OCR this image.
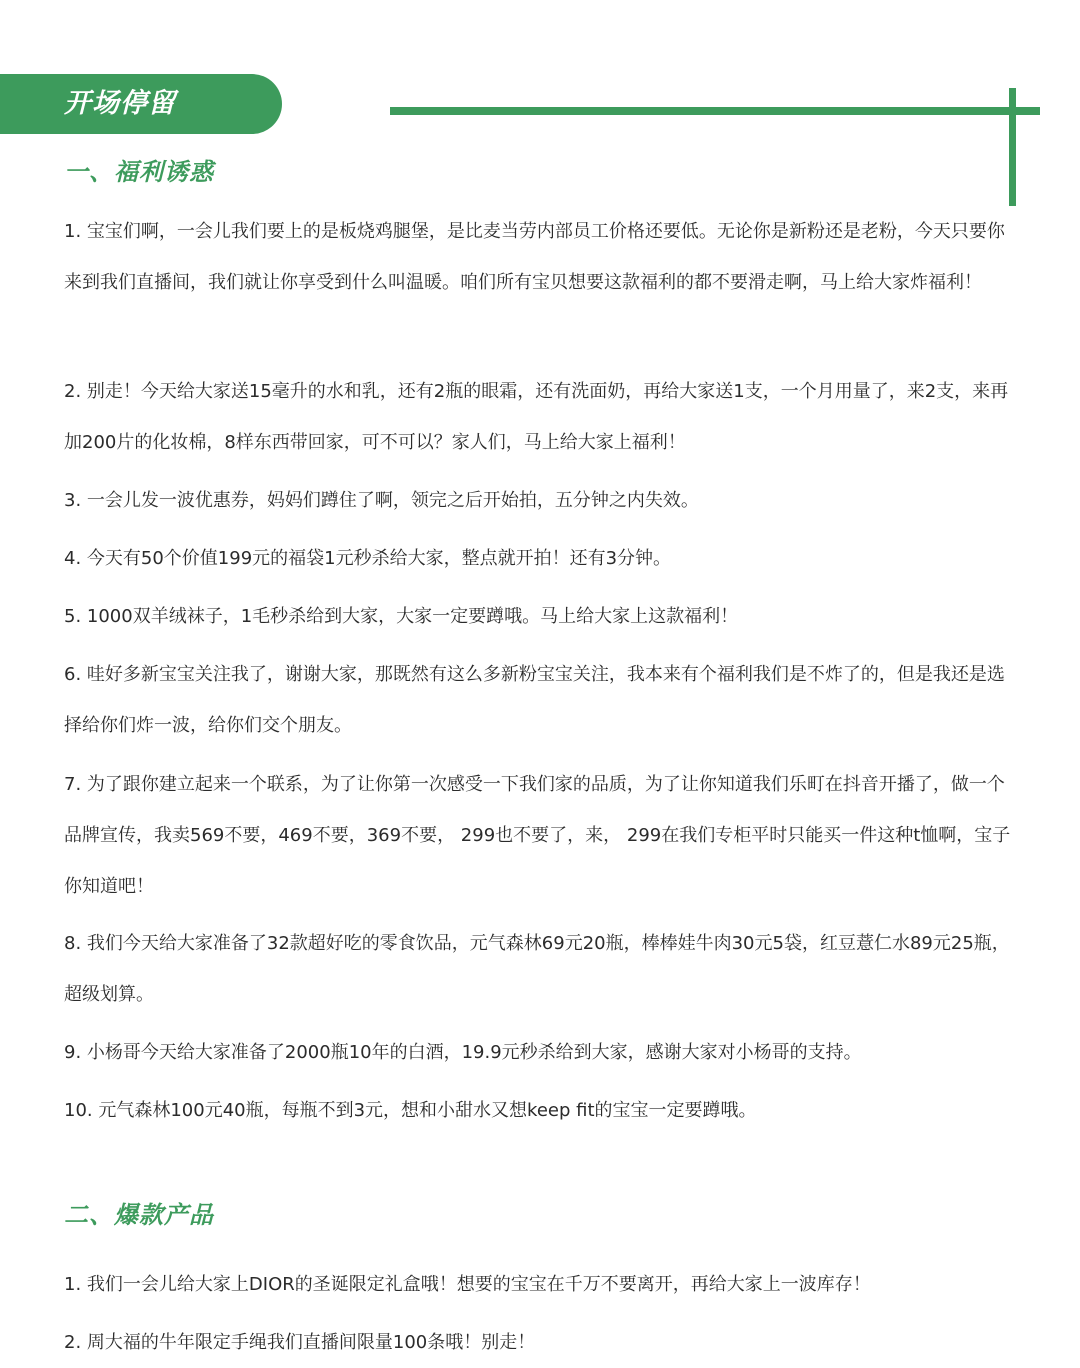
开场停留
一、福利诱惑
1. 宝宝们啊，一会儿我们要上的是板烧鸡腿堡，是比麦当劳内部员工价格还要低。无论你是新粉还是老粉，今天只要你来到我们直播间，我们就让你享受到什么叫温暖。咱们所有宝贝想要这款福利的都不要滑走啊，马上给大家炸福利！
2. 别走！今天给大家送15毫升的水和乳，还有2瓶的眼霜，还有洗面奶，再给大家送1支，一个月用量了，来2支，来再加200片的化妆棉，8样东西带回家，可不可以？家人们，马上给大家上福利！
3. 一会儿发一波优惠券，妈妈们蹲住了啊，领完之后开始拍，五分钟之内失效。
4. 今天有50个价值199元的福袋1元秒杀给大家，整点就开拍！还有3分钟。
5. 1000双羊绒袜子，1毛秒杀给到大家，大家一定要蹲哦。马上给大家上这款福利！
6. 哇好多新宝宝关注我了，谢谢大家，那既然有这么多新粉宝宝关注，我本来有个福利我们是不炸了的，但是我还是选择给你们炸一波，给你们交个朋友。
7. 为了跟你建立起来一个联系，为了让你第一次感受一下我们家的品质，为了让你知道我们乐町在抖音开播了，做一个品牌宣传，我卖569不要，469不要，369不要， 299也不要了，来， 299在我们专柜平时只能买一件这种t恤啊，宝子你知道吧！
8. 我们今天给大家准备了32款超好吃的零食饮品，元气森林69元20瓶，棒棒娃牛肉30元5袋，红豆薏仁水89元25瓶，超级划算。
9. 小杨哥今天给大家准备了2000瓶10年的白酒，19.9元秒杀给到大家，感谢大家对小杨哥的支持。
10. 元气森林100元40瓶，每瓶不到3元，想和小甜水又想keep fit的宝宝一定要蹲哦。
二、爆款产品
1. 我们一会儿给大家上DIOR的圣诞限定礼盒哦！想要的宝宝在千万不要离开，再给大家上一波库存！
2. 周大福的牛年限定手绳我们直播间限量100条哦！别走！
